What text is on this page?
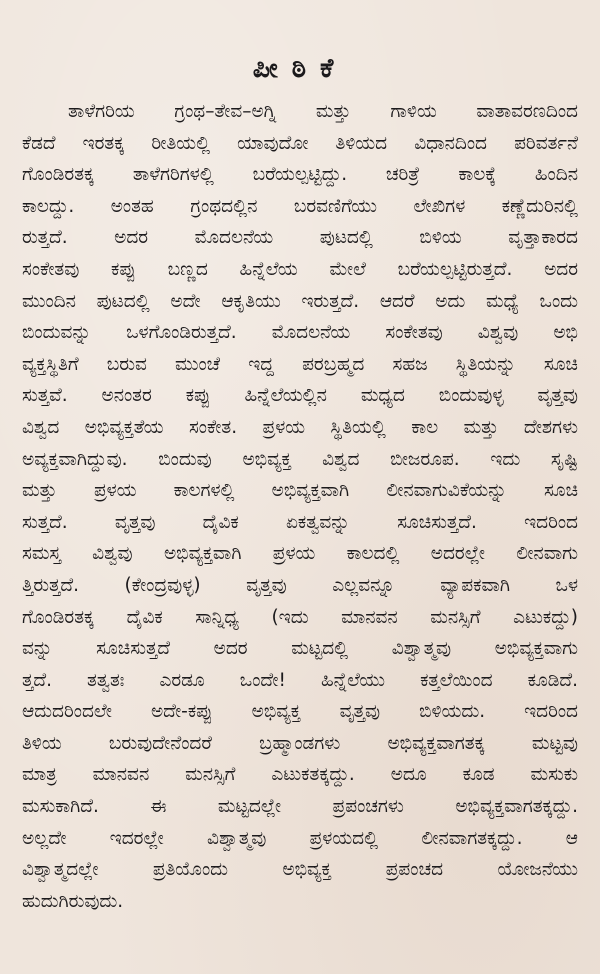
ಪೀಠಿಕೆ
ತಾಳೆಗರಿಯ ಗ್ರಂಥ–ತೇವ–ಅಗ್ನಿ ಮತ್ತು ಗಾಳಿಯ ವಾತಾವರಣದಿಂದ
ಕೆಡದೆ ಇರತಕ್ಕ ರೀತಿಯಲ್ಲಿ ಯಾವುದೋ ತಿಳಿಯದ ವಿಧಾನದಿಂದ ಪರಿವರ್ತನೆ
ಗೊಂಡಿರತಕ್ಕ ತಾಳೆಗರಿಗಳಲ್ಲಿ ಬರೆಯಲ್ಪಟ್ಟಿದ್ದು. ಚರಿತ್ರೆ ಕಾಲಕ್ಕೆ ಹಿಂದಿನ
ಕಾಲದ್ದು. ಅಂತಹ ಗ್ರಂಥದಲ್ಲಿನ ಬರವಣಿಗೆಯು ಲೇಖಿಗಳ ಕಣ್ಣೆದುರಿನಲ್ಲಿ
ರುತ್ತದೆ. ಅದರ ಮೊದಲನೆಯ ಪುಟದಲ್ಲಿ ಬಿಳಿಯ ವೃತ್ತಾಕಾರದ
ಸಂಕೇತವು ಕಪ್ಪು ಬಣ್ಣದ ಹಿನ್ನೆಲೆಯ ಮೇಲೆ ಬರೆಯಲ್ಪಟ್ಟಿರುತ್ತದೆ. ಅದರ
ಮುಂದಿನ ಪುಟದಲ್ಲಿ ಅದೇ ಆಕೃತಿಯು ಇರುತ್ತದೆ. ಆದರೆ ಅದು ಮಧ್ಯೆ ಒಂದು
ಬಿಂದುವನ್ನು ಒಳಗೊಂಡಿರುತ್ತದೆ. ಮೊದಲನೆಯ ಸಂಕೇತವು ವಿಶ್ವವು ಅಭಿ
ವ್ಯಕ್ತಸ್ಥಿತಿಗೆ ಬರುವ ಮುಂಚೆ ಇದ್ದ ಪರಬ್ರಹ್ಮದ ಸಹಜ ಸ್ಥಿತಿಯನ್ನು ಸೂಚಿ
ಸುತ್ತವೆ. ಅನಂತರ ಕಪ್ಪು ಹಿನ್ನೆಲೆಯಲ್ಲಿನ ಮಧ್ಯದ ಬಿಂದುವುಳ್ಳ ವೃತ್ತವು
ವಿಶ್ವದ ಅಭಿವ್ಯಕ್ತತೆಯ ಸಂಕೇತ. ಪ್ರಳಯ ಸ್ಥಿತಿಯಲ್ಲಿ ಕಾಲ ಮತ್ತು ದೇಶಗಳು
ಅವ್ಯಕ್ತವಾಗಿದ್ದುವು. ಬಿಂದುವು ಅಭಿವ್ಯಕ್ತ ವಿಶ್ವದ ಬೀಜರೂಪ. ಇದು ಸೃಷ್ಟಿ
ಮತ್ತು ಪ್ರಳಯ ಕಾಲಗಳಲ್ಲಿ ಅಭಿವ್ಯಕ್ತವಾಗಿ ಲೀನವಾಗುವಿಕೆಯನ್ನು ಸೂಚಿ
ಸುತ್ತದೆ. ವೃತ್ತವು ದೈವಿಕ ಏಕತ್ವವನ್ನು ಸೂಚಿಸುತ್ತದೆ. ಇದರಿಂದ
ಸಮಸ್ತ ವಿಶ್ವವು ಅಭಿವ್ಯಕ್ತವಾಗಿ ಪ್ರಳಯ ಕಾಲದಲ್ಲಿ ಅದರಲ್ಲೇ ಲೀನವಾಗು
ತ್ತಿರುತ್ತದೆ. (ಕೇಂದ್ರವುಳ್ಳ) ವೃತ್ತವು ಎಲ್ಲವನ್ನೂ ವ್ಯಾಪಕವಾಗಿ ಒಳ
ಗೊಂಡಿರತಕ್ಕ ದೈವಿಕ ಸಾನ್ನಿಧ್ಯ (ಇದು ಮಾನವನ ಮನಸ್ಸಿಗೆ ಎಟುಕದ್ದು)
ವನ್ನು ಸೂಚಿಸುತ್ತದೆ ಅದರ ಮಟ್ಟದಲ್ಲಿ ವಿಶ್ವಾತ್ಮವು ಅಭಿವ್ಯಕ್ತವಾಗು
ತ್ತದೆ. ತತ್ವತಃ ಎರಡೂ ಒಂದೇ! ಹಿನ್ನೆಲೆಯು ಕತ್ತಲೆಯಿಂದ ಕೂಡಿದೆ.
ಆದುದರಿಂದಲೇ ಅದೇ-ಕಪ್ಪು ಅಭಿವ್ಯಕ್ತ ವೃತ್ತವು ಬಿಳಿಯದು. ಇದರಿಂದ
ತಿಳಿಯ ಬರುವುದೇನೆಂದರೆ ಬ್ರಹ್ಮಾಂಡಗಳು ಅಭಿವ್ಯಕ್ತವಾಗತಕ್ಕ ಮಟ್ಟವು
ಮಾತ್ರ ಮಾನವನ ಮನಸ್ಸಿಗೆ ಎಟುಕತಕ್ಕದ್ದು. ಅದೂ ಕೂಡ ಮಸುಕು
ಮಸುಕಾಗಿದೆ. ಈ ಮಟ್ಟದಲ್ಲೇ ಪ್ರಪಂಚಗಳು ಅಭಿವ್ಯಕ್ತವಾಗತಕ್ಕದ್ದು.
ಅಲ್ಲದೇ ಇದರಲ್ಲೇ ವಿಶ್ವಾತ್ಮವು ಪ್ರಳಯದಲ್ಲಿ ಲೀನವಾಗತಕ್ಕದ್ದು. ಆ
ವಿಶ್ವಾತ್ಮದಲ್ಲೇ ಪ್ರತಿಯೊಂದು ಅಭಿವ್ಯಕ್ತ ಪ್ರಪಂಚದ ಯೋಜನೆಯು
ಹುದುಗಿರುವುದು.
